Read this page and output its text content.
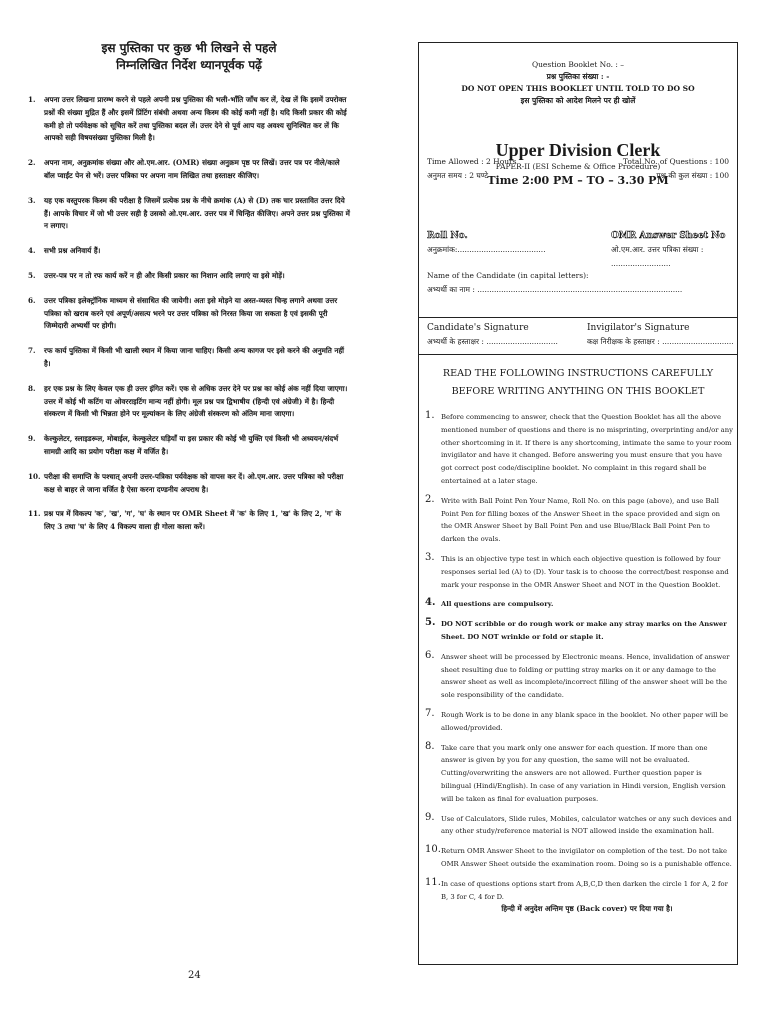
इस पुस्तिका पर कुछ भी लिखने से पहले
निम्नलिखित निर्देश ध्यानपूर्वक पढ़ें
1. अपना उत्तर लिखना प्रारम्भ करने से पहले अपनी प्रश्न पुस्तिका की भली-भाँति जाँच कर लें, देख लें कि इसमें उपरोक्त प्रश्नों की संख्या मुद्रित हैं और इसमें प्रिंटिंग संबंधी अथवा अन्य किस्म की कोई कमी नहीं है। यदि किसी प्रकार की कोई कमी हो तो पर्यवेक्षक को सूचित करें तथा पुस्तिका बदल लें। उत्तर देने से पूर्व आप यह अवश्य सुनिश्चित कर लें कि आपको सही विषयसंख्या पुस्तिका मिली है।
2. अपना नाम, अनुक्रमांक संख्या और ओ.एम.आर. (OMR) संख्या अनुक्रम पृष्ठ पर लिखें। उत्तर पत्र पर नीले/काले बॉल प्वाईंट पेन से भरें। उत्तर पत्रिका पर अपना नाम लिखित तथा हस्ताक्षर कीजिए।
3. यह एक वस्तुपरक किस्म की परीक्षा है जिसमें प्रत्येक प्रश्न के नीचे क्रमांक (A) से (D) तक चार प्रस्तावित उत्तर दिये हैं। आपके विचार में जो भी उत्तर सही है उसको ओ.एम.आर. उत्तर पत्र में चिन्हित कीजिए। अपने उत्तर प्रश्न पुस्तिका में न लगाए।
4. सभी प्रश्न अनिवार्य हैं।
5. उत्तर-पत्र पर न तो रफ कार्य करें न ही और किसी प्रकार का निशान आदि लगाएं या इसे मोड़ें।
6. उत्तर पत्रिका इलेक्ट्रॉनिक माध्यम से संसाधित की जायेगी। अतः इसे मोड़ने या अस्त-व्यस्त चिन्ह लगाने अथवा उत्तर पत्रिका को खराब करने एवं अपूर्ण/असत्य भरने पर उत्तर पत्रिका को निरस्त किया जा सकता है एवं इसकी पूरी जिम्मेदारी अभ्यर्थी पर होगी।
7. रफ कार्य पुस्तिका में किसी भी खाली स्थान में किया जाना चाहिए। किसी अन्य कागज पर इसे करने की अनुमति नहीं है।
8. हर एक प्रश्न के लिए केवल एक ही उत्तर इंगित करें। एक से अधिक उत्तर देने पर प्रश्न का कोई अंक नहीं दिया जाएगा। उत्तर में कोई भी कटिंग या ओवरराइटिंग मान्य नहीं होगी। मूल प्रश्न पत्र द्विभाषीय (हिन्दी एवं अंग्रेजी) में है। हिन्दी संस्करण में किसी भी भिन्नता होने पर मूल्यांकन के लिए अंग्रेजी संस्करण को अंतिम माना जाएगा।
9. केल्कुलेटर, स्लाइडरूल, मोबाईल, केल्कुलेटर घड़ियाँ या इस प्रकार की कोई भी युक्ति एवं किसी भी अध्ययन/संदर्भ सामग्री आदि का प्रयोग परीक्षा कक्ष में वर्जित है।
10. परीक्षा की समाप्ति के पश्चात् अपनी उत्तर-पत्रिका पर्यवेक्षक को वापस कर दें। ओ.एम.आर. उत्तर पत्रिका को परीक्षा कक्ष से बाहर ले जाना वर्जित है ऐसा करना दण्डनीय अपराध है।
11. प्रश्न पत्र में विकल्प 'क', 'ख', 'ग', 'घ' के स्थान पर OMR Sheet में 'क' के लिए 1, 'ख' के लिए 2, 'ग' के लिए 3 तथा 'घ' के लिए 4 विकल्प वाला ही गोला काला करें।
24
Question Booklet No. : –
प्रश्न पुस्तिका संख्या : -
DO NOT OPEN THIS BOOKLET UNTIL TOLD TO DO SO
इस पुस्तिका को आदेश मिलने पर ही खोलें
Time Allowed : 2 Hours
अनुमत समय : 2 घण्टे
Upper Division Clerk
PAPER-II (ESI Scheme & Office Procedure)
Time 2:00 PM – TO – 3.30 PM
Total No. of Questions : 100
प्रश्न की कुल संख्या : 100
Roll No.
अनुक्रमांक:.....................................
OMR Answer Sheet No
ओ.एम.आर. उत्तर पत्रिका संख्या : .........................
Name of the Candidate (in capital letters):
अभ्यर्थी का नाम : ......................................................................................
Candidate's Signature
अभ्यर्थी के हस्ताक्षर : ..............................
Invigilator's Signature
कक्ष निरीक्षक के हस्ताक्षर : ..............................
READ THE FOLLOWING INSTRUCTIONS CAREFULLY
BEFORE WRITING ANYTHING ON THIS BOOKLET
1. Before commencing to answer, check that the Question Booklet has all the above mentioned number of questions and there is no misprinting, overprinting and/or any other shortcoming in it. If there is any shortcoming, intimate the same to your room invigilator and have it changed. Before answering you must ensure that you have got correct post code/discipline booklet. No complaint in this regard shall be entertained at a later stage.
2. Write with Ball Point Pen Your Name, Roll No. on this page (above), and use Ball Point Pen for filling boxes of the Answer Sheet in the space provided and sign on the OMR Answer Sheet by Ball Point Pen and use Blue/Black Ball Point Pen to darken the ovals.
3. This is an objective type test in which each objective question is followed by four responses serial led (A) to (D). Your task is to choose the correct/best response and mark your response in the OMR Answer Sheet and NOT in the Question Booklet.
4. All questions are compulsory.
5. DO NOT scribble or do rough work or make any stray marks on the Answer Sheet. DO NOT wrinkle or fold or staple it.
6. Answer sheet will be processed by Electronic means. Hence, invalidation of answer sheet resulting due to folding or putting stray marks on it or any damage to the answer sheet as well as incomplete/incorrect filling of the answer sheet will be the sole responsibility of the candidate.
7. Rough Work is to be done in any blank space in the booklet. No other paper will be allowed/provided.
8. Take care that you mark only one answer for each question. If more than one answer is given by you for any question, the same will not be evaluated. Cutting/overwriting the answers are not allowed. Further question paper is bilingual (Hindi/English). In case of any variation in Hindi version, English version will be taken as final for evaluation purposes.
9. Use of Calculators, Slide rules, Mobiles, calculator watches or any such devices and any other study/reference material is NOT allowed inside the examination hall.
10. Return OMR Answer Sheet to the invigilator on completion of the test. Do not take OMR Answer Sheet outside the examination room. Doing so is a punishable offence.
11. In case of questions options start from A,B,C,D then darken the circle 1 for A, 2 for B, 3 for C, 4 for D.
हिन्दी में अनुदेश अन्तिम पृष्ठ (Back cover) पर दिया गया है।
